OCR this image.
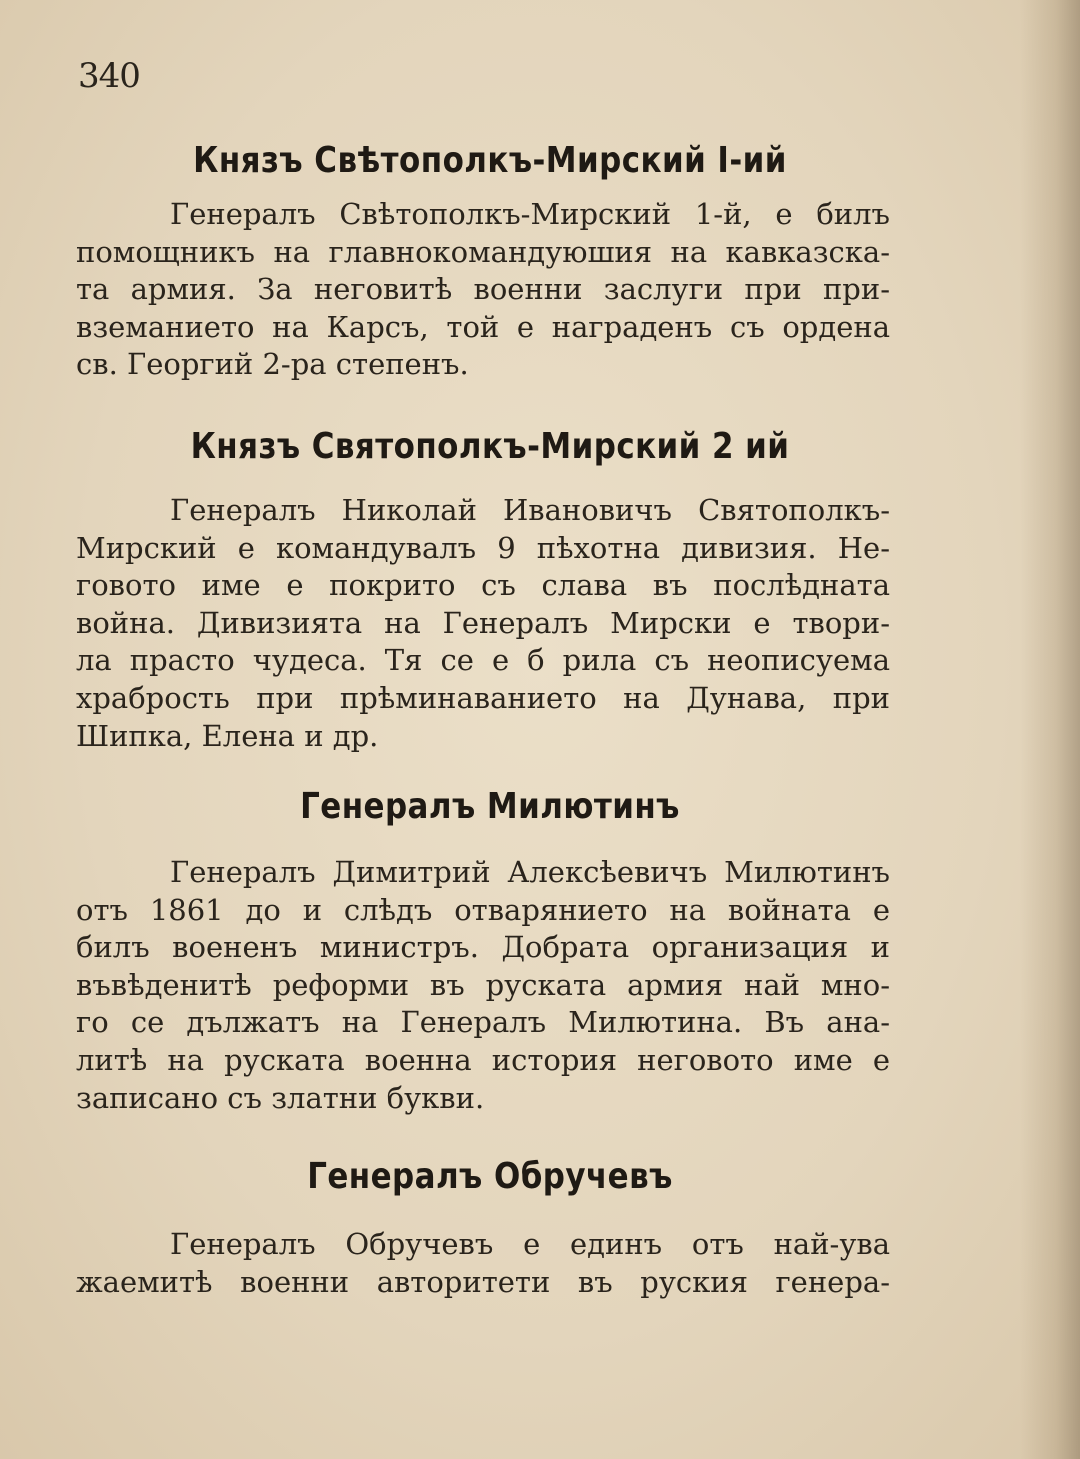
340

Князъ Свѣтополкъ-Мирский I-ий
Генералъ Свѣтополкъ-Мирский 1-й, е билъ
помощникъ на главнокомандуюшия на кавказска-
та армия. За неговитѣ военни заслуги при при-
вземанието на Карсъ, той е награденъ съ ордена
св. Георгий 2-ра степенъ.
Князъ Святополкъ-Мирский 2 ий
Генералъ Николай Ивановичъ Святополкъ-
Мирский е командувалъ 9 пѣхотна дивизия. Не-
говото име е покрито съ слава въ послѣдната
война. Дивизията на Генералъ Мирски е твори-
ла прасто чудеса. Тя се е б рила съ неописуема
храбрость при прѣминаванието на Дунава, при
Шипка, Елена и др.
Генералъ Милютинъ
Генералъ Димитрий Алексѣевичъ Милютинъ
отъ 1861 до и слѣдъ отварянието на войната е
билъ воененъ министръ. Добрата организация и
въвѣденитѣ реформи въ руската армия най мно-
го се дължатъ на Генералъ Милютина. Въ ана-
литѣ на руската военна история неговото име е
записано съ златни букви.
Генералъ Обручевъ
Генералъ Обручевъ е единъ отъ най-ува
жаемитѣ военни авторитети въ руския генера-
